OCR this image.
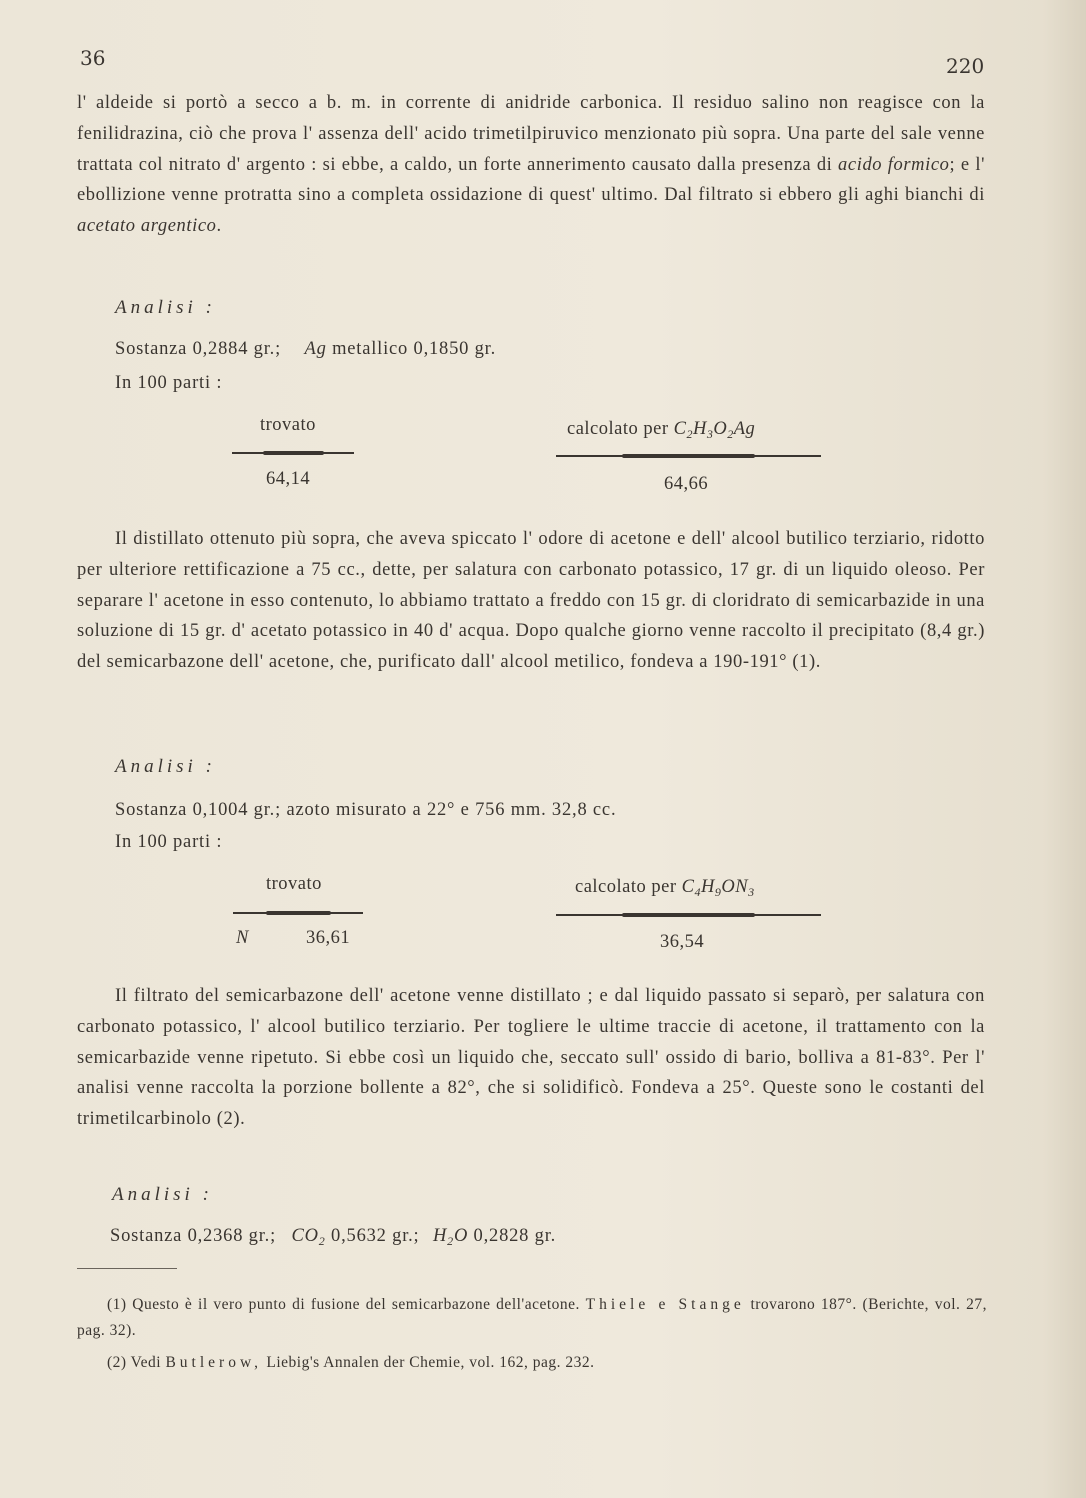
36	220

l' aldeide si portò a secco a b. m. in corrente di anidride carbonica. Il residuo salino non reagisce con la fenilidrazina, ciò che prova l' assenza dell' acido trimetilpiruvico menzionato più sopra. Una parte del sale venne trattata col nitrato d' argento : si ebbe, a caldo, un forte annerimento causato dalla presenza di acido formico; e l' ebollizione venne protratta sino a completa ossidazione di quest' ultimo. Dal filtrato si ebbero gli aghi bianchi di acetato argentico.

Analisi :
Sostanza 0,2884 gr.; Ag metallico 0,1850 gr.
In 100 parti :
trovato	calcolato per $C_2H_3O_2Ag$
64,14	64,66

Il distillato ottenuto più sopra, che aveva spiccato l' odore di acetone e dell' alcool butilico terziario, ridotto per ulteriore rettificazione a 75 cc., dette, per salatura con carbonato potassico, 17 gr. di un liquido oleoso. Per separare l' acetone in esso contenuto, lo abbiamo trattato a freddo con 15 gr. di cloridrato di semicarbazide in una soluzione di 15 gr. d' acetato potassico in 40 d' acqua. Dopo qualche giorno venne raccolto il precipitato (8,4 gr.) del semicarbazone dell' acetone, che, purificato dall' alcool metilico, fondeva a 190-191° (1).

Analisi :
Sostanza 0,1004 gr.; azoto misurato a 22° e 756 mm. 32,8 cc.
In 100 parti :
trovato	calcolato per $C_4H_9ON_3$
N	36,61	36,54

Il filtrato del semicarbazone dell' acetone venne distillato ; e dal liquido passato si separò, per salatura con carbonato potassico, l' alcool butilico terziario. Per togliere le ultime traccie di acetone, il trattamento con la semicarbazide venne ripetuto. Si ebbe così un liquido che, seccato sull' ossido di bario, bolliva a 81-83°. Per l' analisi venne raccolta la porzione bollente a 82°, che si solidificò. Fondeva a 25°. Queste sono le costanti del trimetilcarbinolo (2).

Analisi :
Sostanza 0,2368 gr.; $CO_2$ 0,5632 gr.; $H_2O$ 0,2828 gr.

(1) Questo è il vero punto di fusione del semicarbazone dell'acetone. Thiele e Stange trovarono 187°. (Berichte, vol. 27, pag. 32).

(2) Vedi Butlerow, Liebig's Annalen der Chemie, vol. 162, pag. 232.
